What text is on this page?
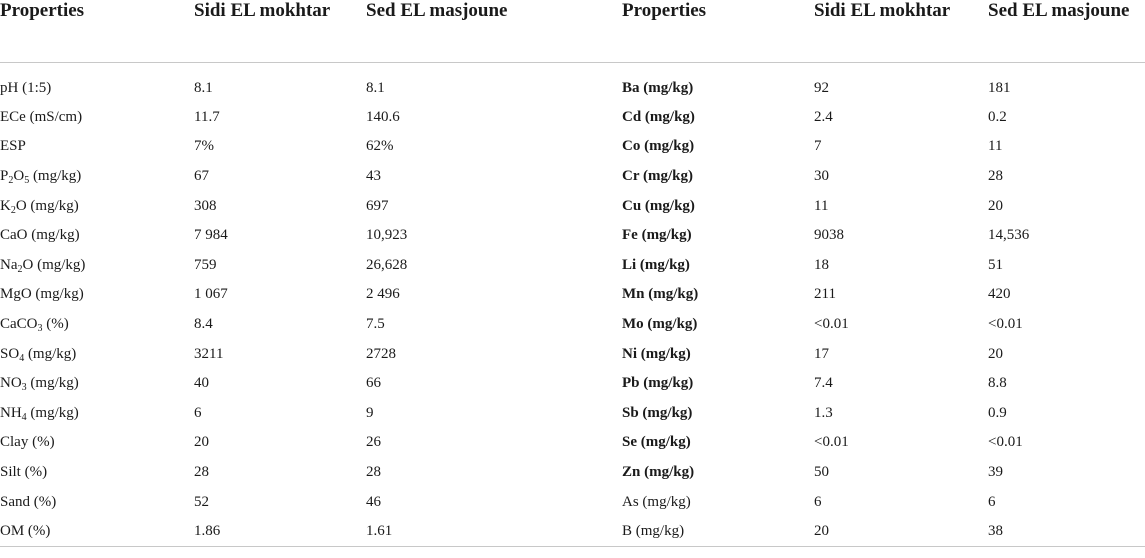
Properties	Sidi EL mokhtar	Sed EL masjoune	Properties	Sidi EL mokhtar	Sed EL masjoune
pH (1:5)	8.1	8.1	Ba (mg/kg)	92	181
ECe (mS/cm)	11.7	140.6	Cd (mg/kg)	2.4	0.2
ESP	7%	62%	Co (mg/kg)	7	11
$P_2O_5$ (mg/kg)	67	43	Cr (mg/kg)	30	28
$K_2O$ (mg/kg)	308	697	Cu (mg/kg)	11	20
CaO (mg/kg)	7 984	10,923	Fe (mg/kg)	9038	14,536
$Na_2O$ (mg/kg)	759	26,628	Li (mg/kg)	18	51
MgO (mg/kg)	1 067	2 496	Mn (mg/kg)	211	420
CaCO$_3$ (%)	8.4	7.5	Mo (mg/kg)	<0.01	<0.01
$SO_4$ (mg/kg)	3211	2728	Ni (mg/kg)	17	20
$NO_3$ (mg/kg)	40	66	Pb (mg/kg)	7.4	8.8
$NH_4$ (mg/kg)	6	9	Sb (mg/kg)	1.3	0.9
Clay (%)	20	26	Se (mg/kg)	<0.01	<0.01
Silt (%)	28	28	Zn (mg/kg)	50	39
Sand (%)	52	46	As (mg/kg)	6	6
OM (%)	1.86	1.61	B (mg/kg)	20	38
